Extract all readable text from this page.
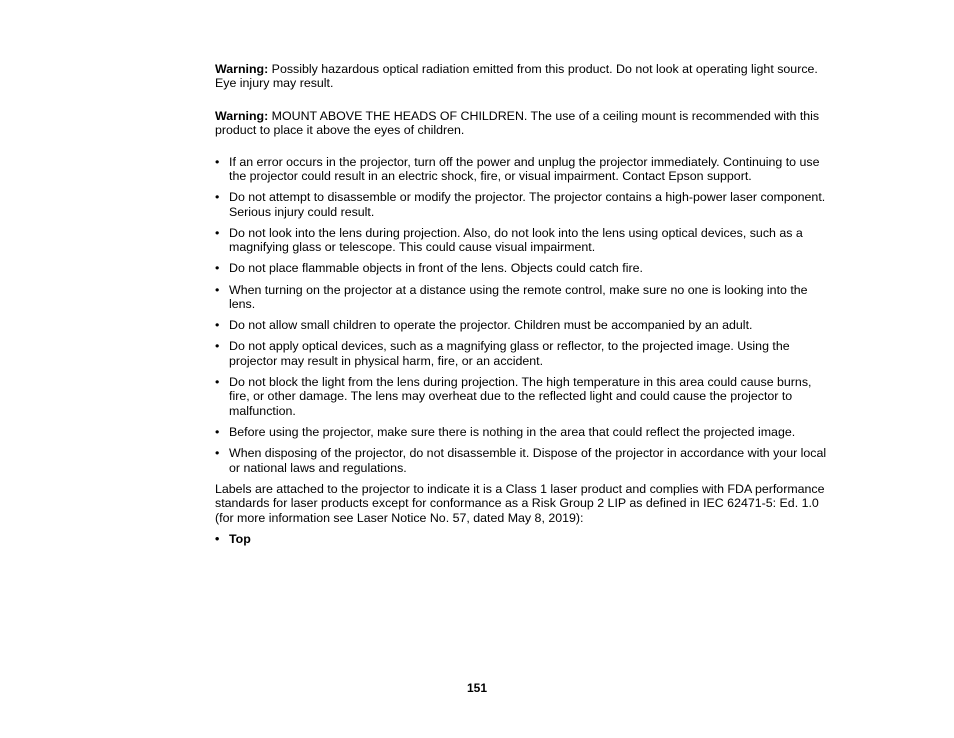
Warning: Possibly hazardous optical radiation emitted from this product. Do not look at operating light source. Eye injury may result.

Warning: MOUNT ABOVE THE HEADS OF CHILDREN. The use of a ceiling mount is recommended with this product to place it above the eyes of children.

• If an error occurs in the projector, turn off the power and unplug the projector immediately. Continuing to use the projector could result in an electric shock, fire, or visual impairment. Contact Epson support.
• Do not attempt to disassemble or modify the projector. The projector contains a high-power laser component. Serious injury could result.
• Do not look into the lens during projection. Also, do not look into the lens using optical devices, such as a magnifying glass or telescope. This could cause visual impairment.
• Do not place flammable objects in front of the lens. Objects could catch fire.
• When turning on the projector at a distance using the remote control, make sure no one is looking into the lens.
• Do not allow small children to operate the projector. Children must be accompanied by an adult.
• Do not apply optical devices, such as a magnifying glass or reflector, to the projected image. Using the projector may result in physical harm, fire, or an accident.
• Do not block the light from the lens during projection. The high temperature in this area could cause burns, fire, or other damage. The lens may overheat due to the reflected light and could cause the projector to malfunction.
• Before using the projector, make sure there is nothing in the area that could reflect the projected image.
• When disposing of the projector, do not disassemble it. Dispose of the projector in accordance with your local or national laws and regulations.

Labels are attached to the projector to indicate it is a Class 1 laser product and complies with FDA performance standards for laser products except for conformance as a Risk Group 2 LIP as defined in IEC 62471-5: Ed. 1.0 (for more information see Laser Notice No. 57, dated May 8, 2019):

• Top
151
